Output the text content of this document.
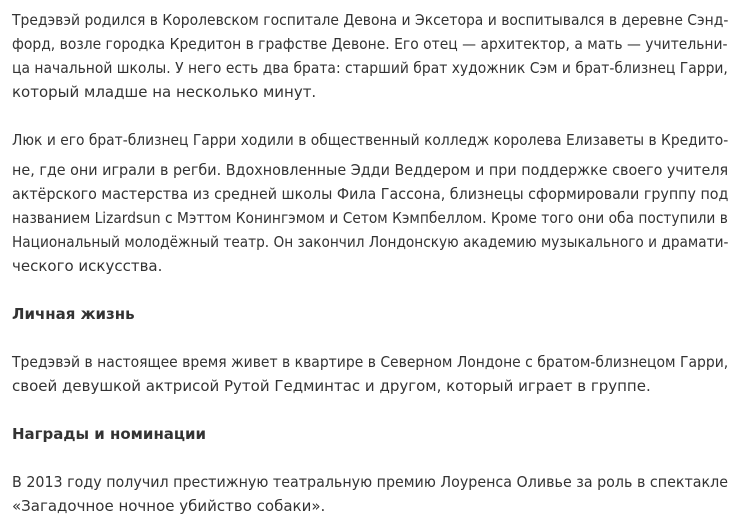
Тредэвэй родился в Королевском госпитале Девона и Эксетора и воспитывался в деревне Сэнд-
форд, возле городка Кредитон в графстве Девоне. Его отец — архитектор, а мать — учительни-
ца начальной школы. У него есть два брата: старший брат художник Сэм и брат-близнец Гарри,
который младше на несколько минут.
Люк и его брат-близнец Гарри ходили в общественный колледж королева Елизаветы в Кредито-
не, где они играли в регби. Вдохновленные Эдди Веддером и при поддержке своего учителя
актёрского мастерства из средней школы Фила Гассона, близнецы сформировали группу под
названием Lizardsun с Мэттом Конингэмом и Сетом Кэмпбеллом. Кроме того они оба поступили в
Национальный молодёжный театр. Он закончил Лондонскую академию музыкального и драмати-
ческого искусства.
Личная жизнь
Тредэвэй в настоящее время живет в квартире в Северном Лондоне с братом-близнецом Гарри,
своей девушкой актрисой Рутой Гедминтас и другом, который играет в группе.
Награды и номинации
В 2013 году получил престижную театральную премию Лоуренса Оливье за роль в спектакле
«Загадочное ночное убийство собаки».
